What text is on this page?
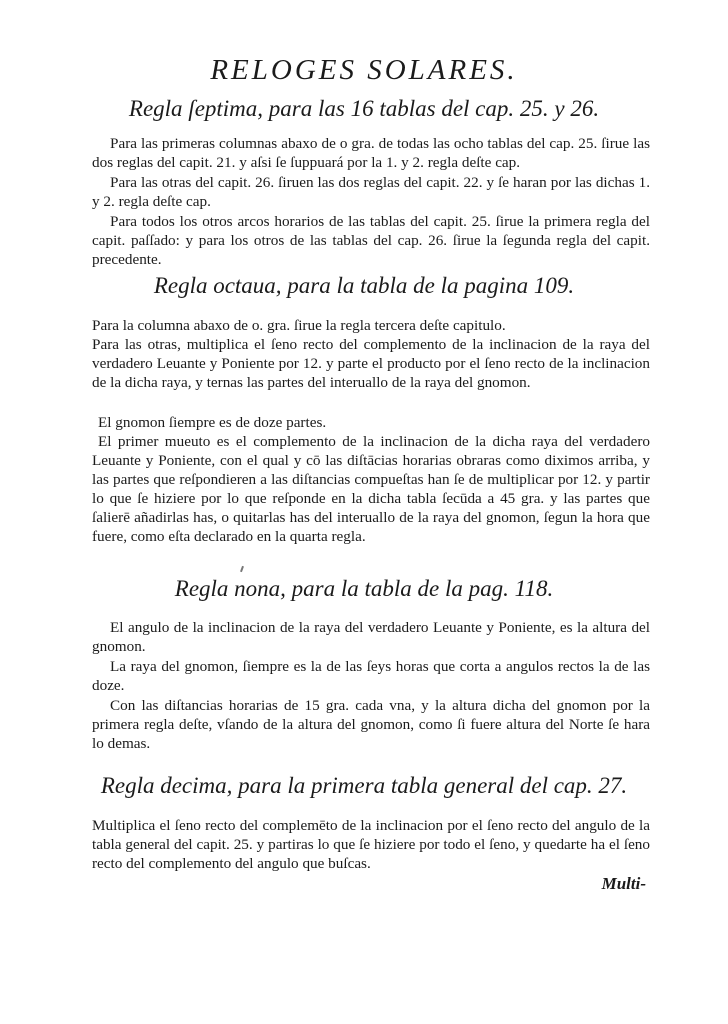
RELOGES SOLARES.
Regla ſeptima, para las 16 tablas del cap. 25. y 26.

Para las primeras columnas abaxo de o gra. de todas las ocho tablas del cap. 25. ſirue las dos reglas del capit. 21. y aſsi ſe ſuppuará por la 1. y 2. regla deſte cap.

Para las otras del capit. 26. ſiruen las dos reglas del capit. 22. y ſe haran por las dichas 1. y 2. regla deſte cap.

Para todos los otros arcos horarios de las tablas del capit. 25. ſirue la primera regla del capit. paſſado: y para los otros de las tablas del cap. 26. ſirue la ſegunda regla del capit. precedente.

Regla octaua, para la tabla de la pagina 109.

Para la columna abaxo de o. gra. ſirue la regla tercera deſte capitulo.

Para las otras, multiplica el ſeno recto del complemento de la inclinacion de la raya del verdadero Leuante y Poniente por 12. y parte el producto por el ſeno recto de la inclinacion de la dicha raya, y ternas las partes del interuallo de la raya del gnomon.

El gnomon ſiempre es de doze partes.

El primer mueuto es el complemento de la inclinacion de la dicha raya del verdadero Leuante y Poniente, con el qual y cō las diſtācias horarias obraras como diximos arriba, y las partes que reſpondieren a las diſtancias compueſtas han ſe de multiplicar por 12. y partir lo que ſe hiziere por lo que reſponde en la dicha tabla ſecūda a 45 gra. y las partes que ſalierē añadirlas has, o quitarlas has del interuallo de la raya del gnomon, ſegun la hora que fuere, como eſta declarado en la quarta regla.

Regla nona, para la tabla de la pag. 118.

El angulo de la inclinacion de la raya del verdadero Leuante y Poniente, es la altura del gnomon.

La raya del gnomon, ſiempre es la de las ſeys horas que corta a angulos rectos la de las doze.

Con las diſtancias horarias de 15 gra. cada vna, y la altura dicha del gnomon por la primera regla deſte, vſando de la altura del gnomon, como ſi fuere altura del Norte ſe hara lo demas.

Regla decima, para la primera tabla general del cap. 27.

Multiplica el ſeno recto del complemēto de la inclinacion por el ſeno recto del angulo de la tabla general del capit. 25. y partiras lo que ſe hiziere por todo el ſeno, y quedarte ha el ſeno recto del complemento del angulo que buſcas.

Multi-
